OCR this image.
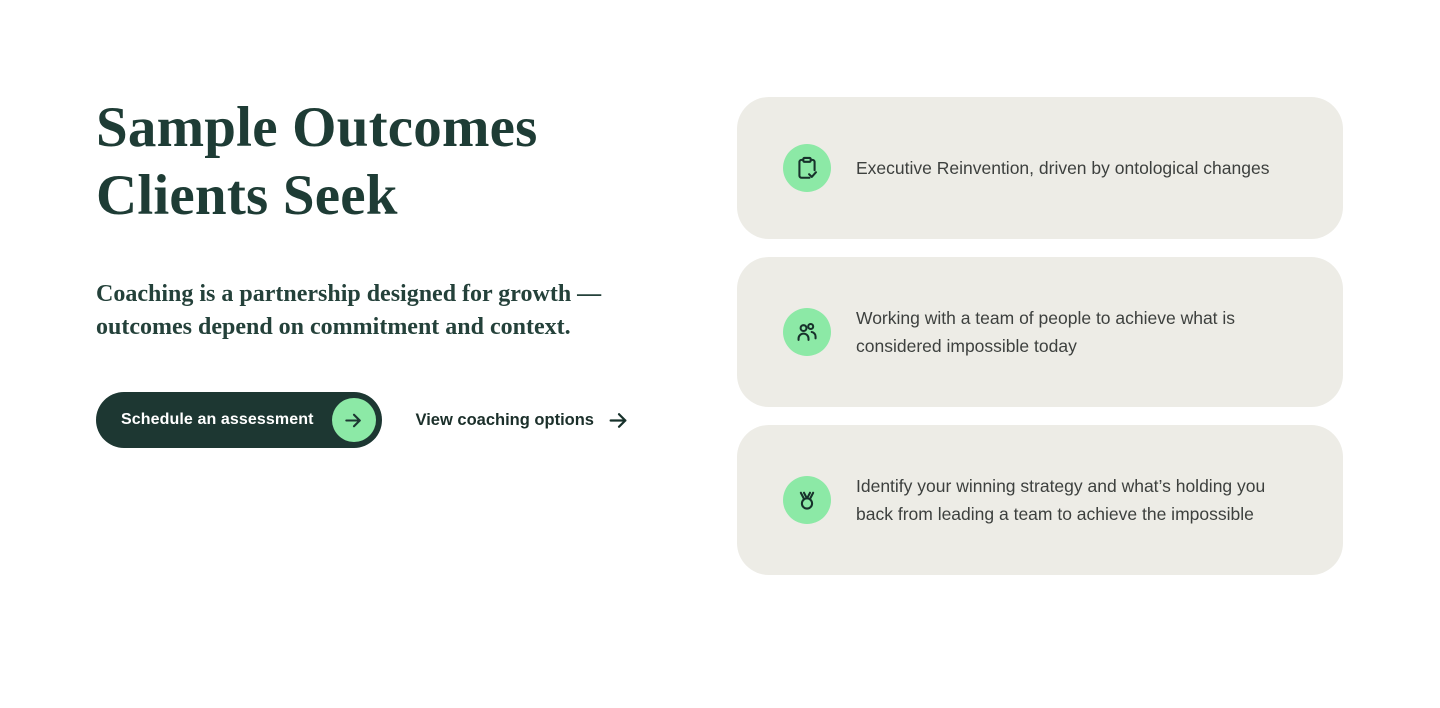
Sample Outcomes
Clients Seek

Coaching is a partnership designed for growth —
outcomes depend on commitment and context.

Schedule an assessment	View coaching options

Executive Reinvention, driven by ontological changes

Working with a team of people to achieve what is considered impossible today

Identify your winning strategy and what’s holding you back from leading a team to achieve the impossible
